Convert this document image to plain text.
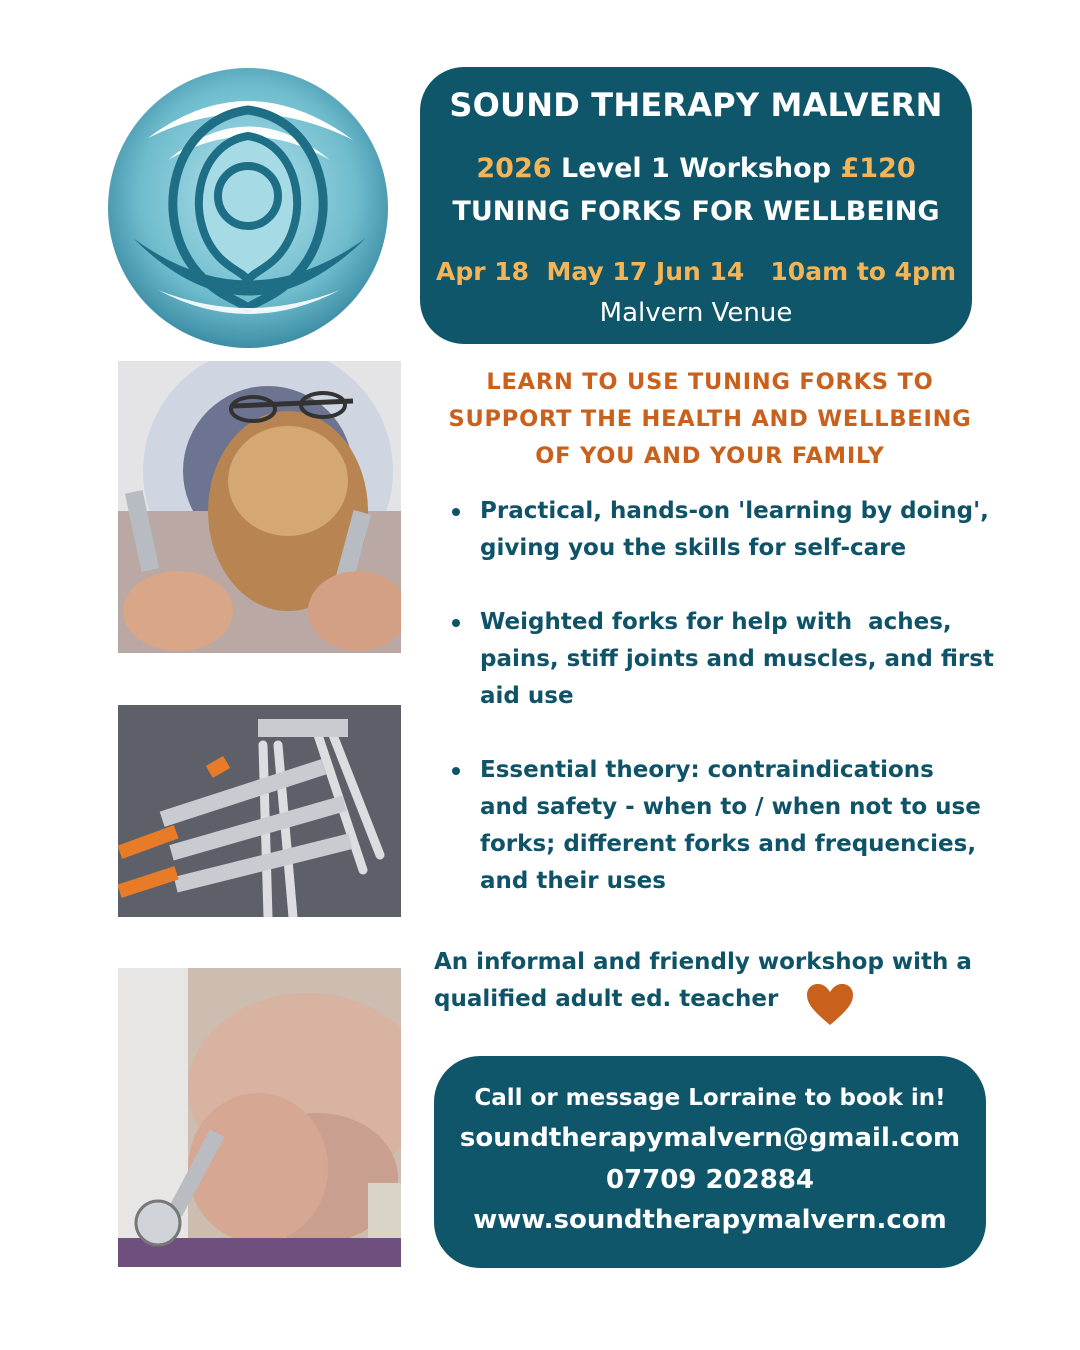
SOUND THERAPY MALVERN
2026 Level 1 Workshop £120
TUNING FORKS FOR WELLBEING
Apr 18  May 17 Jun 14   10am to 4pm
Malvern Venue
LEARN TO USE TUNING FORKS TO
SUPPORT THE HEALTH AND WELLBEING
OF YOU AND YOUR FAMILY
Practical, hands-on 'learning by doing',
giving you the skills for self-care
Weighted forks for help with  aches,
pains, stiff joints and muscles, and first
aid use
Essential theory: contraindications
and safety - when to / when not to use
forks; different forks and frequencies,
and their uses
An informal and friendly workshop with a
qualified adult ed. teacher
Call or message Lorraine to book in!
soundtherapymalvern@gmail.com
07709 202884
www.soundtherapymalvern.com
